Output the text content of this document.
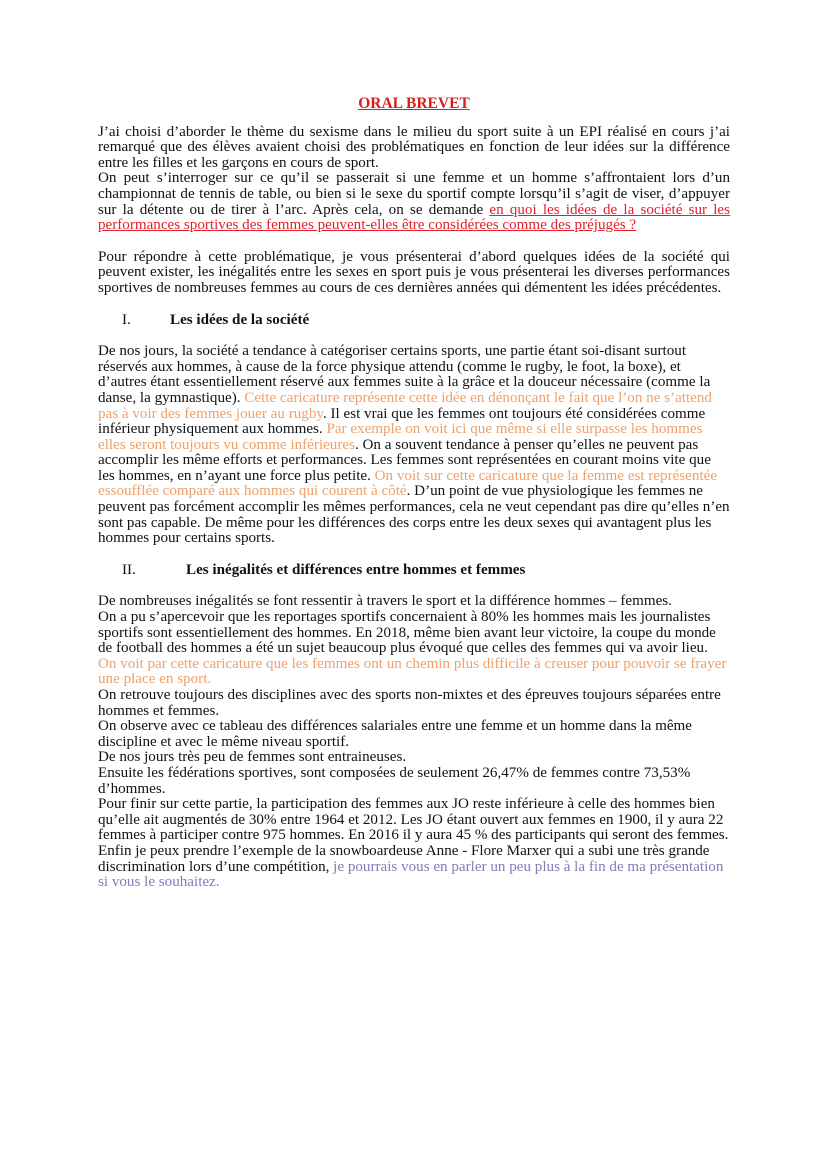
ORAL BREVET

J’ai choisi d’aborder le thème du sexisme dans le milieu du sport suite à un EPI réalisé en cours j’ai remarqué que des élèves avaient choisi des problématiques en fonction de leur idées sur la différence entre les filles et les garçons en cours de sport.

On peut s’interroger sur ce qu’il se passerait si une femme et un homme s’affrontaient lors d’un championnat de tennis de table, ou bien si le sexe du sportif compte lorsqu’il s’agit de viser, d’appuyer sur la détente ou de tirer à l’arc. Après cela, on se demande en quoi les idées de la société sur les performances sportives des femmes peuvent-elles être considérées comme des préjugés ?

Pour répondre à cette problématique, je vous présenterai d’abord quelques idées de la société qui peuvent exister, les inégalités entre les sexes en sport puis je vous présenterai les diverses performances sportives de nombreuses femmes au cours de ces dernières années qui démentent les idées précédentes.

I.	Les idées de la société

De nos jours, la société a tendance à catégoriser certains sports, une partie étant soi-disant surtout réservés aux hommes, à cause de la force physique attendu (comme le rugby, le foot, la boxe), et d’autres étant essentiellement réservé aux femmes suite à la grâce et la douceur nécessaire (comme la danse, la gymnastique). Cette caricature représente cette idée en dénonçant le fait que l’on ne s’attend pas à voir des femmes jouer au rugby. Il est vrai que les femmes ont toujours été considérées comme inférieur physiquement aux hommes. Par exemple on voit ici que même si elle surpasse les hommes elles seront toujours vu comme inférieures. On a souvent tendance à penser qu’elles ne peuvent pas accomplir les même efforts et performances. Les femmes sont représentées en courant moins vite que les hommes, en n’ayant une force plus petite. On voit sur cette caricature que la femme est représentée essoufflée comparé aux hommes qui courent à côté. D’un point de vue physiologique les femmes ne peuvent pas forcément accomplir les mêmes performances, cela ne veut cependant pas dire qu’elles n’en sont pas capable. De même pour les différences des corps entre les deux sexes qui avantagent plus les hommes pour certains sports.

II.	Les inégalités et différences entre hommes et femmes

De nombreuses inégalités se font ressentir à travers le sport et la différence hommes – femmes.

On a pu s’apercevoir que les reportages sportifs concernaient à 80% les hommes mais les journalistes sportifs sont essentiellement des hommes. En 2018, même bien avant leur victoire, la coupe du monde de football des hommes a été un sujet beaucoup plus évoqué que celles des femmes qui va avoir lieu. On voit par cette caricature que les femmes ont un chemin plus difficile à creuser pour pouvoir se frayer une place en sport.

On retrouve toujours des disciplines avec des sports non-mixtes et des épreuves toujours séparées entre hommes et femmes.

On observe avec ce tableau des différences salariales entre une femme et un homme dans la même discipline et avec le même niveau sportif.

De nos jours très peu de femmes sont entraineuses.

Ensuite les fédérations sportives, sont composées de seulement 26,47% de femmes contre 73,53% d’hommes.

Pour finir sur cette partie, la participation des femmes aux JO reste inférieure à celle des hommes bien qu’elle ait augmentés de 30% entre 1964 et 2012. Les JO étant ouvert aux femmes en 1900, il y aura 22 femmes à participer contre 975 hommes. En 2016 il y aura 45 % des participants qui seront des femmes.

Enfin je peux prendre l’exemple de la snowboardeuse Anne - Flore Marxer qui a subi une très grande discrimination lors d’une compétition, je pourrais vous en parler un peu plus à la fin de ma présentation si vous le souhaitez.
